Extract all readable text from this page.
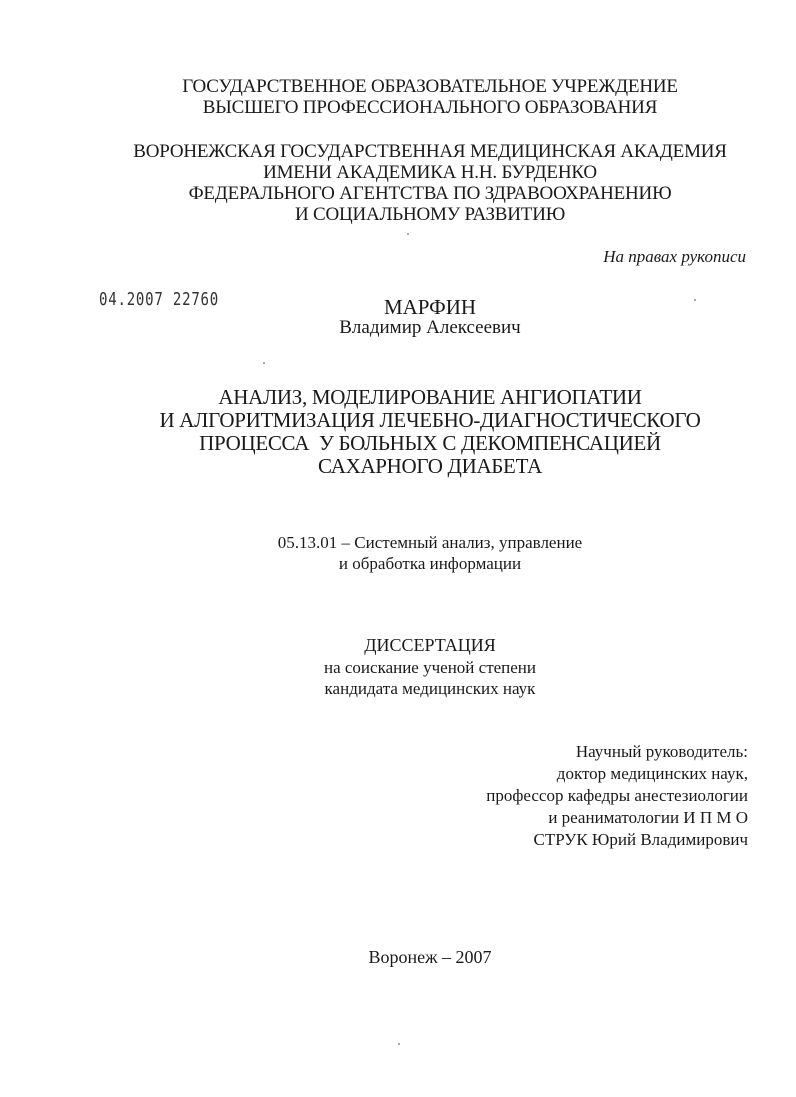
ГОСУДАРСТВЕННОЕ ОБРАЗОВАТЕЛЬНОЕ УЧРЕЖДЕНИЕ
ВЫСШЕГО ПРОФЕССИОНАЛЬНОГО ОБРАЗОВАНИЯ
ВОРОНЕЖСКАЯ ГОСУДАРСТВЕННАЯ МЕДИЦИНСКАЯ АКАДЕМИЯ
ИМЕНИ АКАДЕМИКА Н.Н. БУРДЕНКО
ФЕДЕРАЛЬНОГО АГЕНТСТВА ПО ЗДРАВООХРАНЕНИЮ
И СОЦИАЛЬНОМУ РАЗВИТИЮ
На правах рукописи
04.2007 22760	МАРФИН
Владимир Алексеевич
АНАЛИЗ, МОДЕЛИРОВАНИЕ АНГИОПАТИИ
И АЛГОРИТМИЗАЦИЯ ЛЕЧЕБНО-ДИАГНОСТИЧЕСКОГО
ПРОЦЕССА  У БОЛЬНЫХ С ДЕКОМПЕНСАЦИЕЙ
САХАРНОГО ДИАБЕТА
05.13.01 – Системный анализ, управление
и обработка информации
ДИССЕРТАЦИЯ
на соискание ученой степени
кандидата медицинских наук
Научный руководитель:
доктор медицинских наук,
профессор кафедры анестезиологии
и реаниматологии И П М О
СТРУК Юрий Владимирович
Воронеж – 2007
